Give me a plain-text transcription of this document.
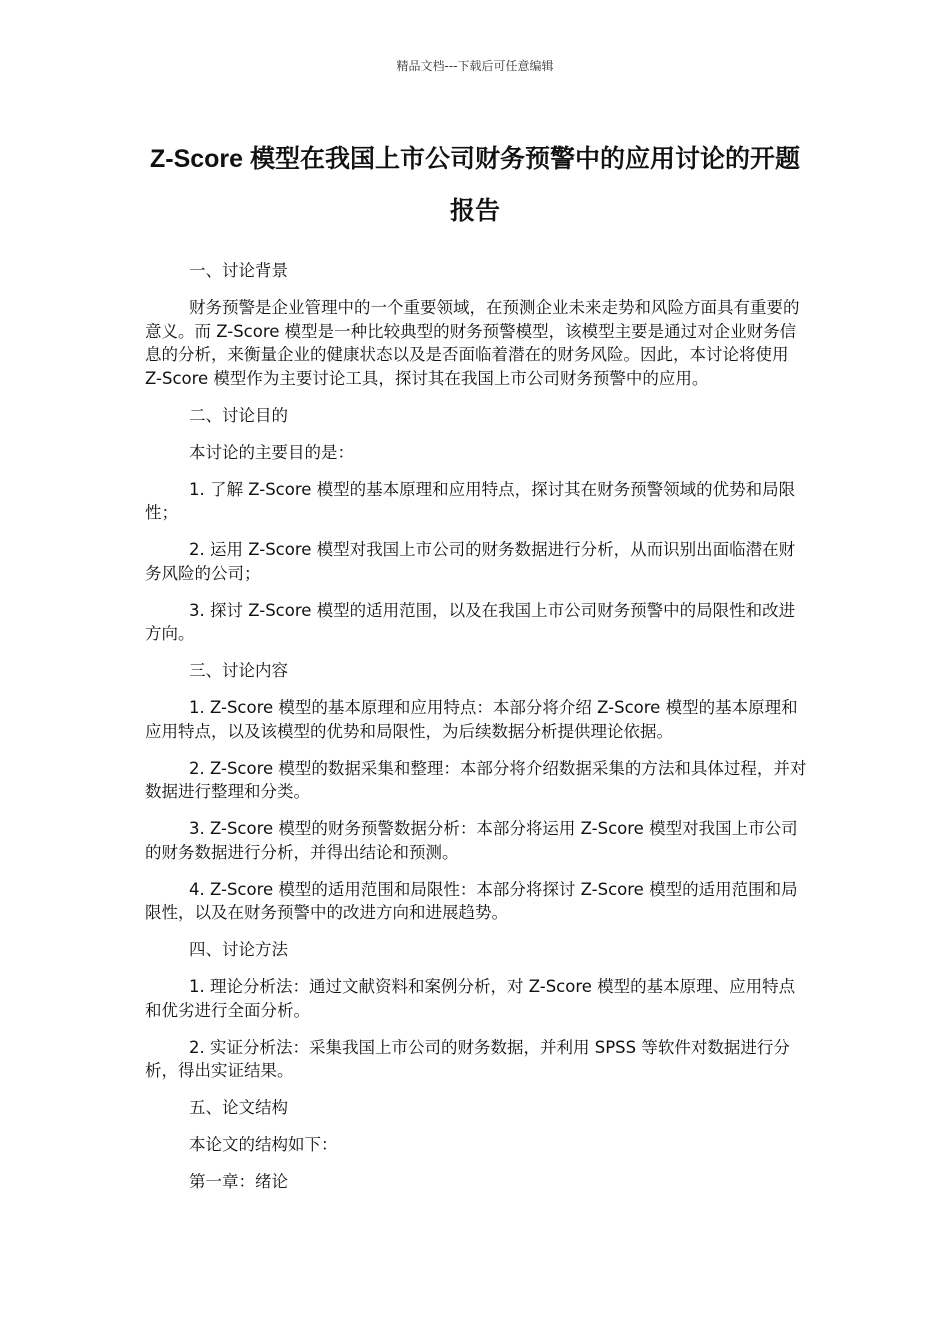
精品文档---下载后可任意编辑
Z-Score 模型在我国上市公司财务预警中的应用讨论的开题报告

一、讨论背景

财务预警是企业管理中的一个重要领域，在预测企业未来走势和风险方面具有重要的意义。而 Z-Score 模型是一种比较典型的财务预警模型，该模型主要是通过对企业财务信息的分析，来衡量企业的健康状态以及是否面临着潜在的财务风险。因此，本讨论将使用 Z-Score 模型作为主要讨论工具，探讨其在我国上市公司财务预警中的应用。

二、讨论目的

本讨论的主要目的是：

1. 了解 Z-Score 模型的基本原理和应用特点，探讨其在财务预警领域的优势和局限性；

2. 运用 Z-Score 模型对我国上市公司的财务数据进行分析，从而识别出面临潜在财务风险的公司；

3. 探讨 Z-Score 模型的适用范围，以及在我国上市公司财务预警中的局限性和改进方向。

三、讨论内容

1. Z-Score 模型的基本原理和应用特点：本部分将介绍 Z-Score 模型的基本原理和应用特点，以及该模型的优势和局限性，为后续数据分析提供理论依据。

2. Z-Score 模型的数据采集和整理：本部分将介绍数据采集的方法和具体过程，并对数据进行整理和分类。

3. Z-Score 模型的财务预警数据分析：本部分将运用 Z-Score 模型对我国上市公司的财务数据进行分析，并得出结论和预测。

4. Z-Score 模型的适用范围和局限性：本部分将探讨 Z-Score 模型的适用范围和局限性，以及在财务预警中的改进方向和进展趋势。

四、讨论方法

1. 理论分析法：通过文献资料和案例分析，对 Z-Score 模型的基本原理、应用特点和优劣进行全面分析。

2. 实证分析法：采集我国上市公司的财务数据，并利用 SPSS 等软件对数据进行分析，得出实证结果。

五、论文结构

本论文的结构如下：

第一章：绪论
